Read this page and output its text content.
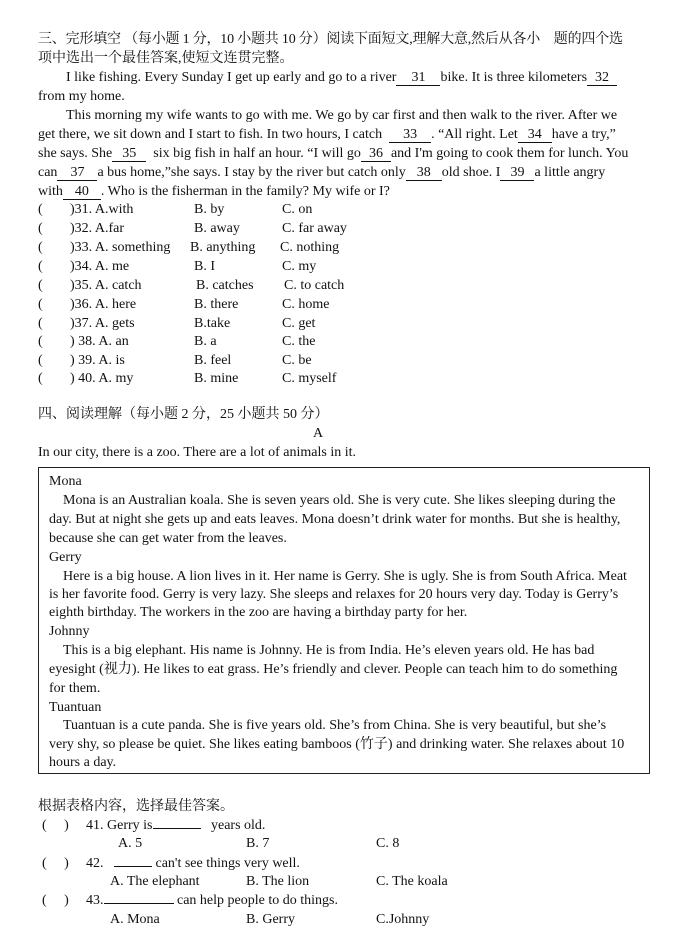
三、完形填空 （每小题 1 分，10 小题共 10 分）阅读下面短文,理解大意,然后从各小　题的四个选
项中选出一个最佳答案,使短文连贯完整。
I like fishing. Every Sunday I get up early and go to a river 31 bike. It is three kilometers 32
from my home.
This morning my wife wants to go with me. We go by car first and then walk to the river. After we
get there, we sit down and I start to fish. In two hours, I catch 33 . “All right. Let 34 have a try,”
she says. She 35 six big fish in half an hour. “I will go 36 and I'm going to cook them for lunch. You
can 37 a bus home,”she says. I stay by the river but catch only 38 old shoe. I 39 a little angry
with 40 . Who is the fisherman in the family? My wife or I?
( )31. A.with	B. by	C. on
( )32. A.far	B. away	C. far away
( )33. A. something B. anything C. nothing
( )34. A. me	B. I	C. my
( )35. A. catch	B. catches C. to catch
( )36. A. here	B. there	C. home
( )37. A. gets	B.take	C. get
( ) 38. A. an	B. a	C. the
( ) 39. A. is	B. feel	C. be
( ) 40. A. my	B. mine	C. myself
四、阅读理解（每小题 2 分，25 小题共 50 分）
A
In our city, there is a zoo. There are a lot of animals in it.
Mona
Mona is an Australian koala. She is seven years old. She is very cute. She likes sleeping during the
day. But at night she gets up and eats leaves. Mona doesn’t drink water for months. But she is healthy,
because she can get water from the leaves.
Gerry
Here is a big house. A lion lives in it. Her name is Gerry. She is ugly. She is from South Africa. Meat
is her favorite food. Gerry is very lazy. She sleeps and relaxes for 20 hours very day. Today is Gerry’s
eighth birthday. The workers in the zoo are having a birthday party for her.
Johnny
This is a big elephant. His name is Johnny. He is from India. He’s eleven years old. He has bad
eyesight (视力). He likes to eat grass. He’s friendly and clever. People can teach him to do something
for them.
Tuantuan
Tuantuan is a cute panda. She is five years old. She’s from China. She is very beautiful, but she’s
very shy, so please be quiet. She likes eating bamboos (竹子) and drinking water. She relaxes about 10
hours a day.
根据表格内容，选择最佳答案。
(　 ) 41. Gerry is	years old.
A. 5	B. 7	C. 8
(　 ) 42.	can't see things very well.
A. The elephant	B. The lion	C. The koala
(　 ) 43.	can help people to do things.
A. Mona	B. Gerry	C.Johnny
